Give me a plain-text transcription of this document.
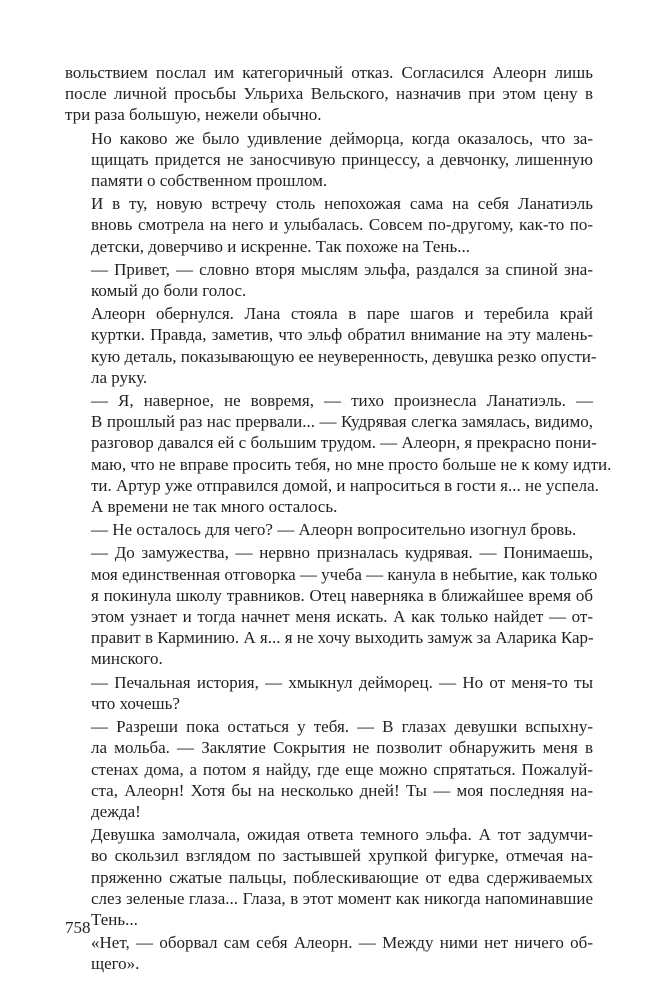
вольствием послал им категоричный отказ. Согласился Алеорн лишь
после личной просьбы Ульриха Вельского, назначив при этом цену в
три раза большую, нежели обычно.

Но каково же было удивление деймορца, когда оказалось, что за-
щищать придется не заносчивую принцессу, а девчонку, лишенную
памяти о собственном прошлом.

И в ту, новую встречу столь непохожая сама на себя Ланатиэль
вновь смотрела на него и улыбалась. Совсем по-другому, как-то по-
детски, доверчиво и искренне. Так похоже на Тень...

— Привет, — словно вторя мыслям эльфа, раздался за спиной зна-
комый до боли голос.

Алеорн обернулся. Лана стояла в паре шагов и теребила край
куртки. Правда, заметив, что эльф обратил внимание на эту малень-
кую деталь, показывающую ее неуверенность, девушка резко опусти-
ла руку.

— Я, наверное, не вовремя, — тихо произнесла Ланатиэль. —
В прошлый раз нас прервали... — Кудрявая слегка замялась, видимо,
разговор давался ей с большим трудом. — Алеорн, я прекрасно пони-
маю, что не вправе просить тебя, но мне просто больше не к кому идти.
ти. Артур уже отправился домой, и напроситься в гости я... не успела.
А времени не так много осталось.

— Не осталось для чего? — Алеорн вопросительно изогнул бровь.

— До замужества, — нервно призналась кудрявая. — Понимаешь,
моя единственная отговорка — учеба — канула в небытие, как только
я покинула школу травников. Отец наверняка в ближайшее время об
этом узнает и тогда начнет меня искать. А как только найдет — от-
правит в Карминию. А я... я не хочу выходить замуж за Аларика Кар-
минского.

— Печальная история, — хмыкнул деймορец. — Но от меня-то ты
что хочешь?

— Разреши пока остаться у тебя. — В глазах девушки вспыхну-
ла мольба. — Заклятие Сокрытия не позволит обнаружить меня в
стенах дома, а потом я найду, где еще можно спрятаться. Пожалуй-
ста, Алеорн! Хотя бы на несколько дней! Ты — моя последняя на-
дежда!

Девушка замолчала, ожидая ответа темного эльфа. А тот задумчи-
во скользил взглядом по застывшей хрупкой фигурке, отмечая на-
пряженно сжатые пальцы, поблескивающие от едва сдерживаемых
слез зеленые глаза... Глаза, в этот момент как никогда напоминавшие
Тень...

«Нет, — оборвал сам себя Алеорн. — Между ними нет ничего об-
щего».

758
